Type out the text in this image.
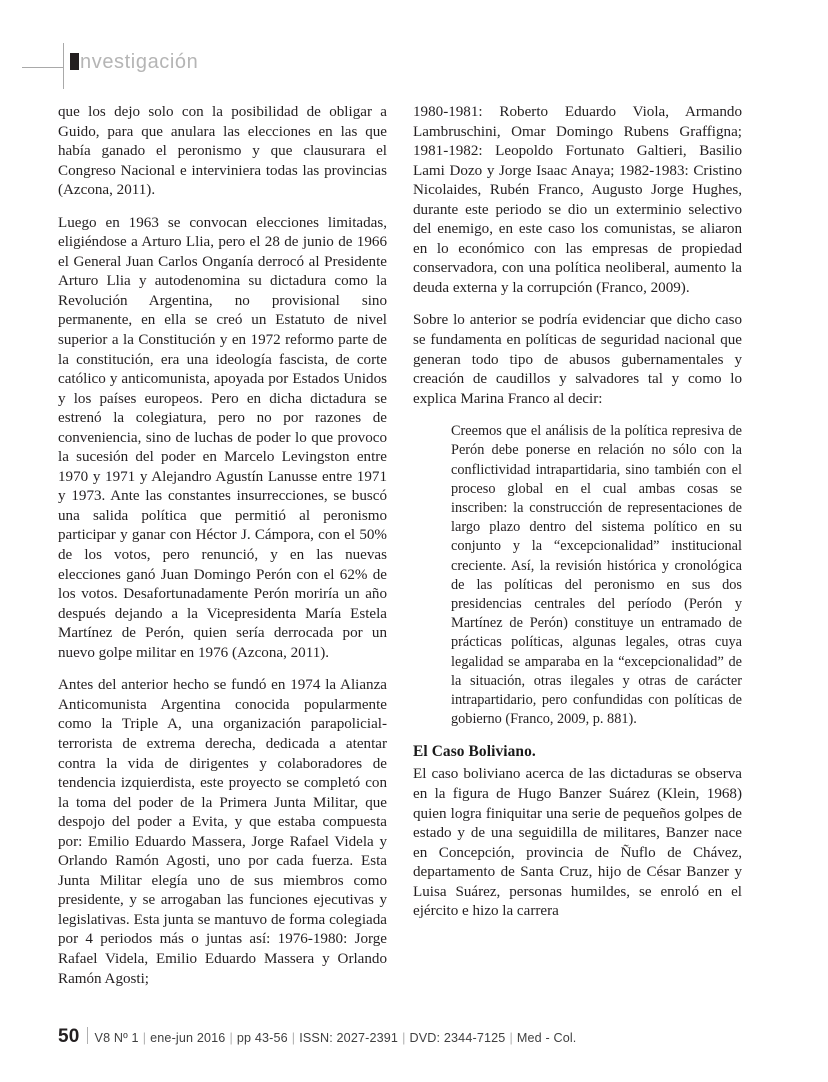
nvestigación

que los dejo solo con la posibilidad de obligar a Guido, para que anulara las elecciones en las que había ganado el peronismo y que clausurara el Congreso Nacional e interviniera todas las provincias (Azcona, 2011).

Luego en 1963 se convocan elecciones limitadas, eligiéndose a Arturo Llia, pero el 28 de junio de 1966 el General Juan Carlos Onganía derrocó al Presidente Arturo Llia y autodenomina su dictadura como la Revolución Argentina, no provisional sino permanente, en ella se creó un Estatuto de nivel superior a la Constitución y en 1972 reformo parte de la constitución, era una ideología fascista, de corte católico y anticomunista, apoyada por Estados Unidos y los países europeos. Pero en dicha dictadura se estrenó la colegiatura, pero no por razones de conveniencia, sino de luchas de poder lo que provoco la sucesión del poder en Marcelo Levingston entre 1970 y 1971 y Alejandro Agustín Lanusse entre 1971 y 1973. Ante las constantes insurrecciones, se buscó una salida política que permitió al peronismo participar y ganar con Héctor J. Cámpora, con el 50% de los votos, pero renunció, y en las nuevas elecciones ganó Juan Domingo Perón con el 62% de los votos. Desafortunadamente Perón moriría un año después dejando a la Vicepresidenta María Estela Martínez de Perón, quien sería derrocada por un nuevo golpe militar en 1976 (Azcona, 2011).

Antes del anterior hecho se fundó en 1974 la Alianza Anticomunista Argentina conocida popularmente como la Triple A, una organización parapolicial-terrorista de extrema derecha, dedicada a atentar contra la vida de dirigentes y colaboradores de tendencia izquierdista, este proyecto se completó con la toma del poder de la Primera Junta Militar, que despojo del poder a Evita, y que estaba compuesta por: Emilio Eduardo Massera, Jorge Rafael Videla y Orlando Ramón Agosti, uno por cada fuerza. Esta Junta Militar elegía uno de sus miembros como presidente, y se arrogaban las funciones ejecutivas y legislativas. Esta junta se mantuvo de forma colegiada por 4 periodos más o juntas así: 1976-1980: Jorge Rafael Videla, Emilio Eduardo Massera y Orlando Ramón Agosti;

1980-1981: Roberto Eduardo Viola, Armando Lambruschini, Omar Domingo Rubens Graffigna; 1981-1982: Leopoldo Fortunato Galtieri, Basilio Lami Dozo y Jorge Isaac Anaya; 1982-1983: Cristino Nicolaides, Rubén Franco, Augusto Jorge Hughes, durante este periodo se dio un exterminio selectivo del enemigo, en este caso los comunistas, se aliaron en lo económico con las empresas de propiedad conservadora, con una política neoliberal, aumento la deuda externa y la corrupción (Franco, 2009).

Sobre lo anterior se podría evidenciar que dicho caso se fundamenta en políticas de seguridad nacional que generan todo tipo de abusos gubernamentales y creación de caudillos y salvadores tal y como lo explica Marina Franco al decir:

Creemos que el análisis de la política represiva de Perón debe ponerse en relación no sólo con la conflictividad intrapartidaria, sino también con el proceso global en el cual ambas cosas se inscriben: la construcción de representaciones de largo plazo dentro del sistema político en su conjunto y la “excepcionalidad” institucional creciente. Así, la revisión histórica y cronológica de las políticas del peronismo en sus dos presidencias centrales del período (Perón y Martínez de Perón) constituye un entramado de prácticas políticas, algunas legales, otras cuya legalidad se amparaba en la “excepcionalidad” de la situación, otras ilegales y otras de carácter intrapartidario, pero confundidas con políticas de gobierno (Franco, 2009, p. 881).
El Caso Boliviano.

El caso boliviano acerca de las dictaduras se observa en la figura de Hugo Banzer Suárez (Klein, 1968) quien logra finiquitar una serie de pequeños golpes de estado y de una seguidilla de militares, Banzer nace en Concepción, provincia de Ñuflo de Chávez, departamento de Santa Cruz, hijo de César Banzer y Luisa Suárez, personas humildes, se enroló en el ejército e hizo la carrera

50 V8 Nº 1 | ene-jun 2016 | pp 43-56 | ISSN: 2027-2391 | DVD: 2344-7125 | Med - Col.
